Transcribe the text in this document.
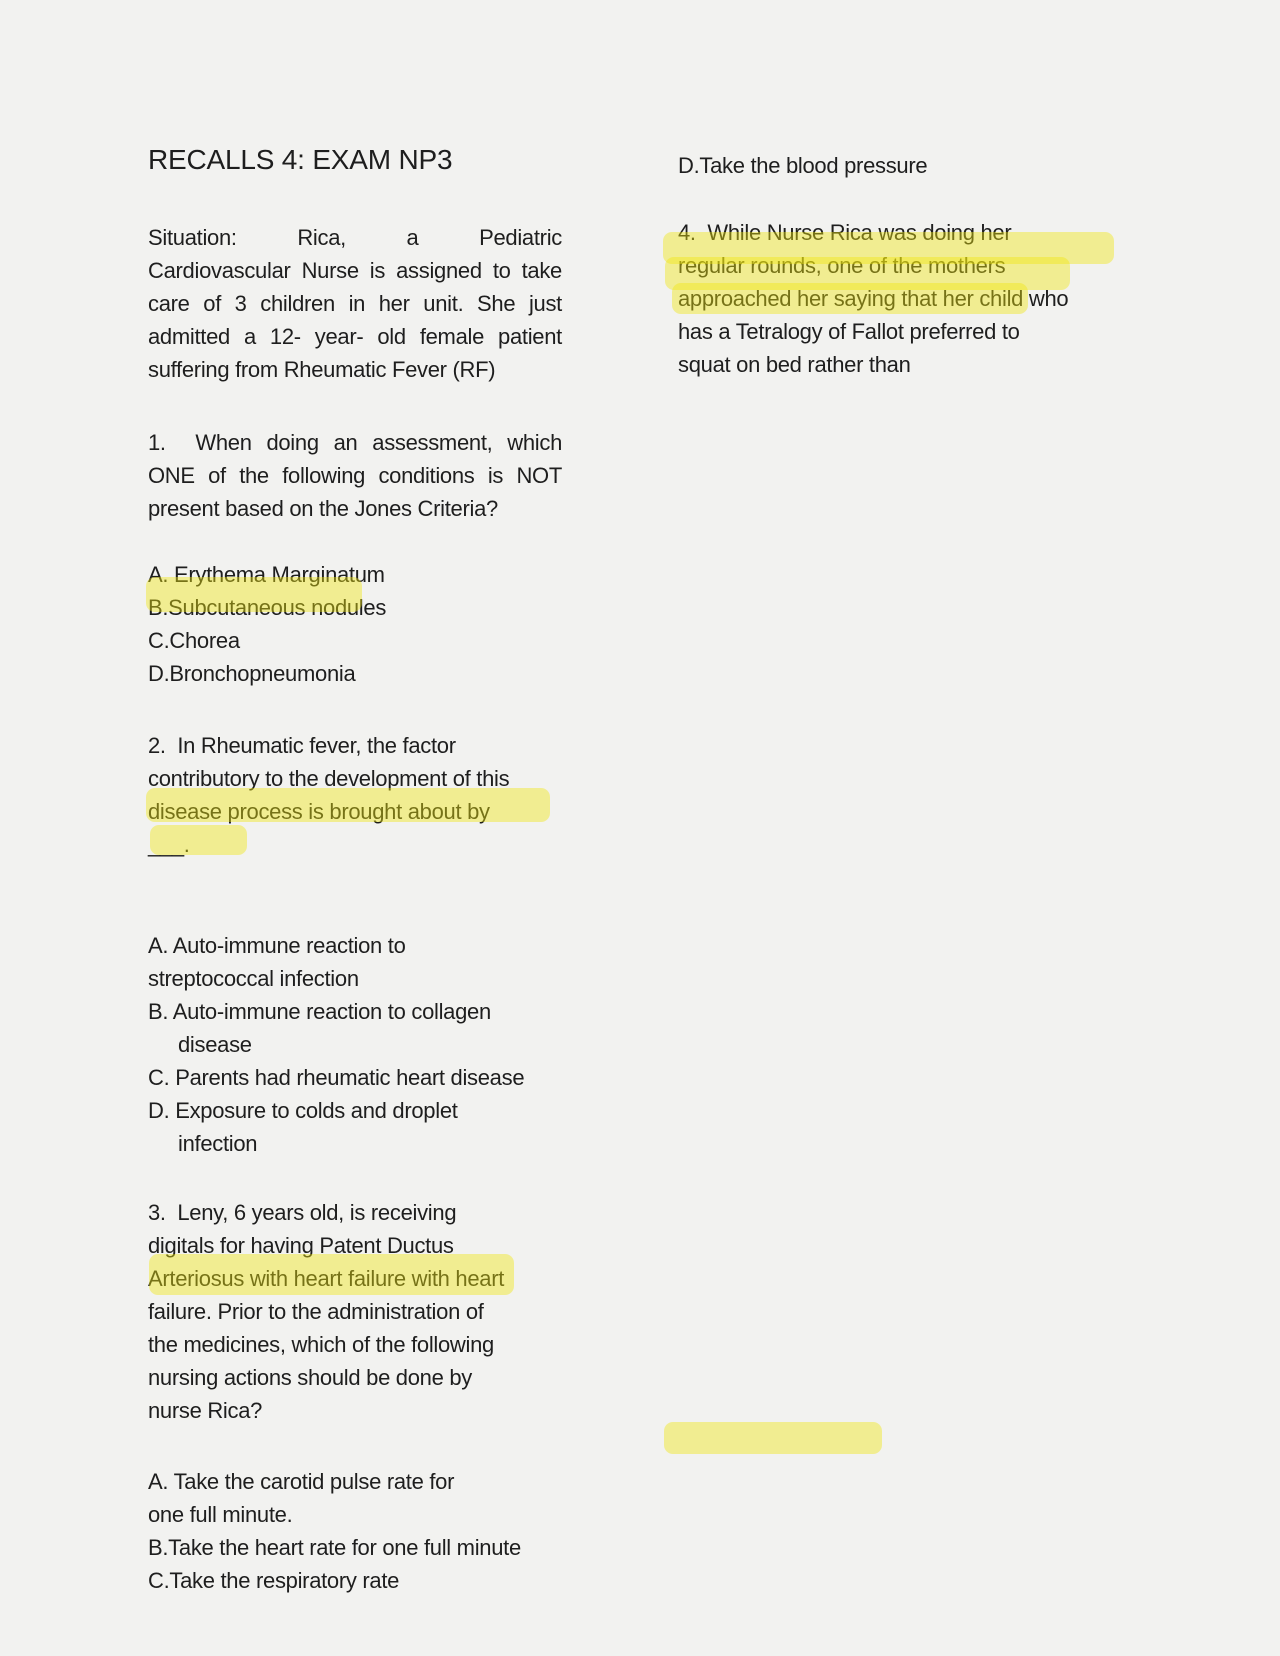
RECALLS 4: EXAM NP3
Situation: Rica, a Pediatric
Cardiovascular Nurse is assigned to take
care of 3 children in her unit. She just
admitted a 12- year- old female patient
suffering from Rheumatic Fever (RF)
1.  When doing an assessment, which
ONE of the following conditions is NOT
present based on the Jones Criteria?
A. Erythema Marginatum
B.Subcutaneous nodules
C.Chorea
D.Bronchopneumonia
2.  In Rheumatic fever, the factor
contributory to the development of this
disease process is brought about by
___.
A. Auto-immune reaction to
streptococcal infection
B. Auto-immune reaction to collagen
disease
C. Parents had rheumatic heart disease
D. Exposure to colds and droplet
infection
3.  Leny, 6 years old, is receiving
digitals for having Patent Ductus
Arteriosus with heart failure with heart
failure. Prior to the administration of
the medicines, which of the following
nursing actions should be done by
nurse Rica?
A. Take the carotid pulse rate for
one full minute.
B.Take the heart rate for one full minute
C.Take the respiratory rate
D.Take the blood pressure
4.  While Nurse Rica was doing her
regular rounds, one of the mothers
approached her saying that her child who
has a Tetralogy of Fallot preferred to
squat on bed rather than
